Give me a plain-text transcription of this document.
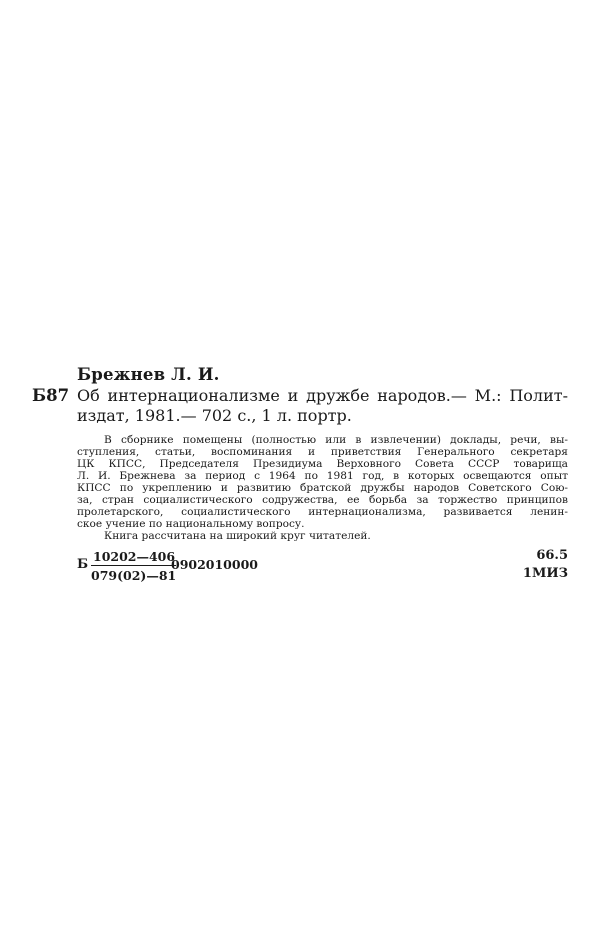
Брежнев Л. И.
Б87 Об интернационализме и дружбе народов.— М.: Полит-
издат, 1981.— 702 с., 1 л. портр.
В сборнике помещены (полностью или в извлечении) доклады, речи, вы-
ступления, статьи, воспоминания и приветствия Генерального секретаря
ЦК КПСС, Председателя Президиума Верховного Совета СССР товарища
Л. И. Брежнева за период с 1964 по 1981 год, в которых освещаются опыт
КПСС по укреплению и развитию братской дружбы народов Советского Сою-
за, стран социалистического содружества, ее борьба за торжество принципов
пролетарского, социалистического интернационализма, развивается ленин-
ское учение по национальному вопросу.
Книга рассчитана на широкий круг читателей.
Б $\frac{10202—406}{079(02)—81}$
0902010000
66.5
1МИЗ
